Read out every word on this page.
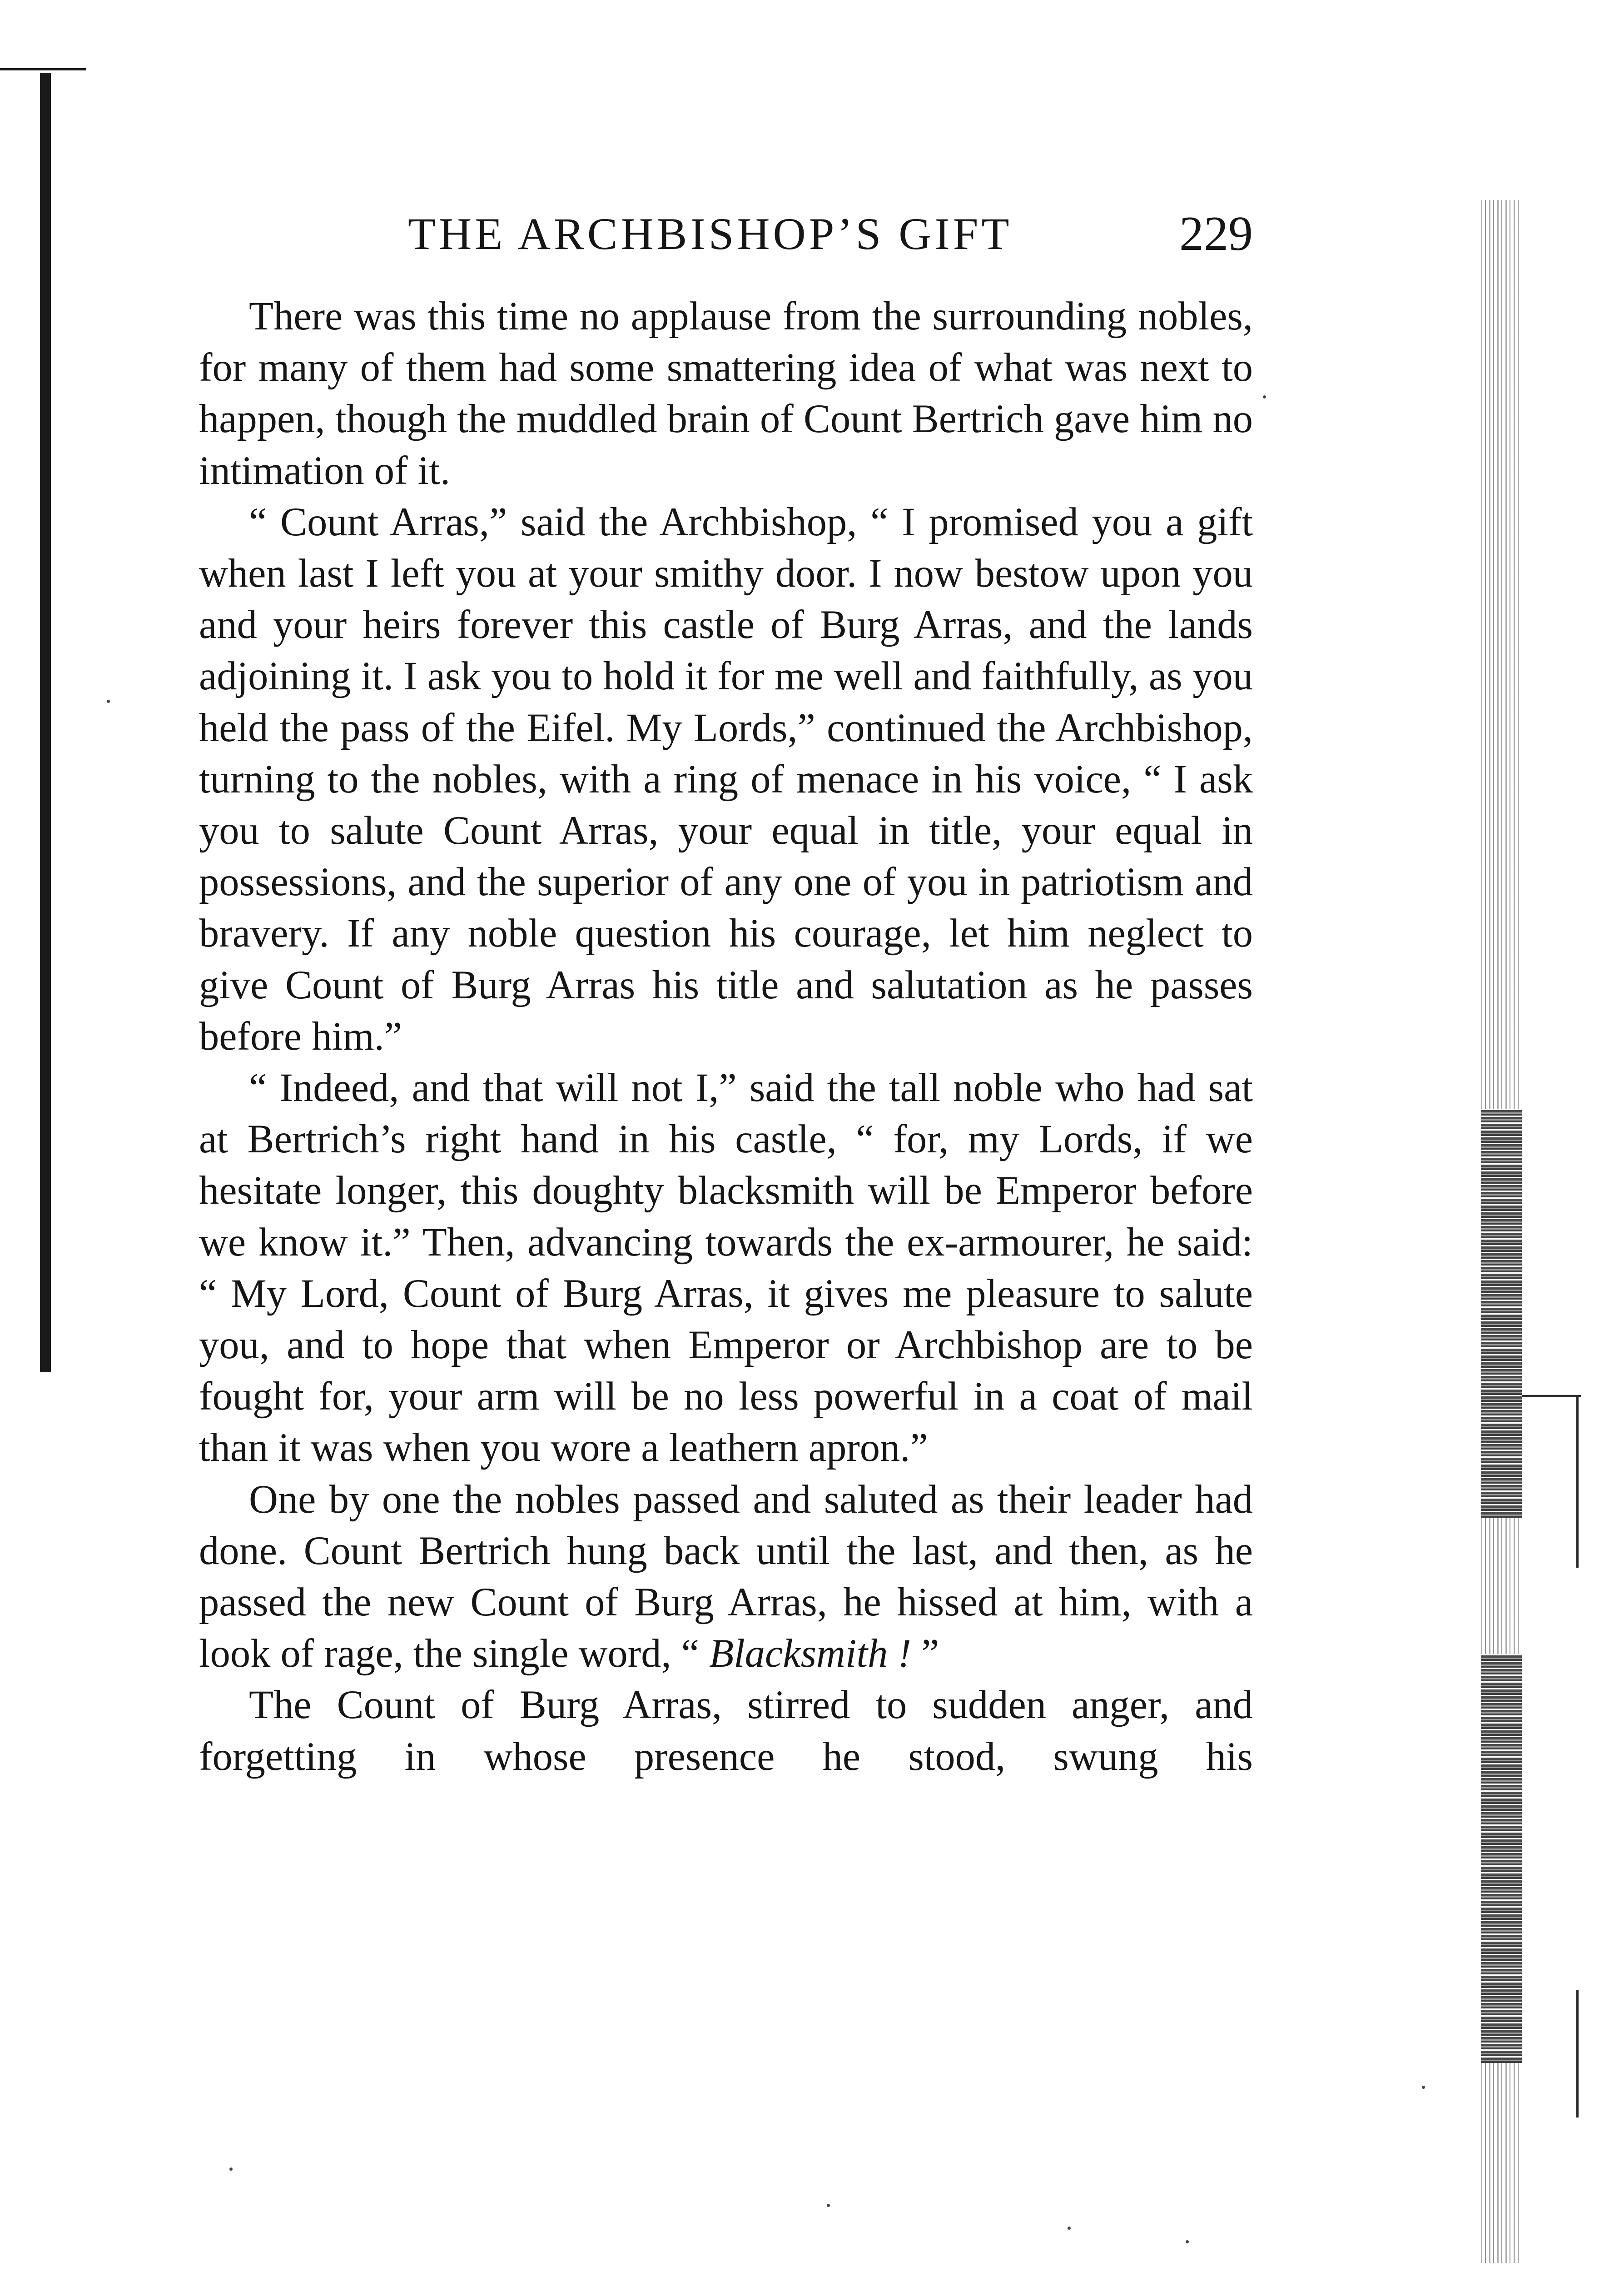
THE ARCHBISHOP’S GIFT	229

There was this time no applause from the surrounding nobles, for many of them had some smattering idea of what was next to happen, though the muddled brain of Count Bertrich gave him no intimation of it.

“ Count Arras,” said the Archbishop, “ I promised you a gift when last I left you at your smithy door. I now bestow upon you and your heirs forever this castle of Burg Arras, and the lands adjoining it. I ask you to hold it for me well and faithfully, as you held the pass of the Eifel. My Lords,” continued the Archbishop, turning to the nobles, with a ring of menace in his voice, “ I ask you to salute Count Arras, your equal in title, your equal in possessions, and the superior of any one of you in patriotism and bravery. If any noble question his courage, let him neglect to give Count of Burg Arras his title and salutation as he passes before him.”

“ Indeed, and that will not I,” said the tall noble who had sat at Bertrich’s right hand in his castle, “ for, my Lords, if we hesitate longer, this doughty blacksmith will be Emperor before we know it.” Then, advancing towards the ex-armourer, he said: “ My Lord, Count of Burg Arras, it gives me pleasure to salute you, and to hope that when Emperor or Archbishop are to be fought for, your arm will be no less powerful in a coat of mail than it was when you wore a leathern apron.”

One by one the nobles passed and saluted as their leader had done. Count Bertrich hung back until the last, and then, as he passed the new Count of Burg Arras, he hissed at him, with a look of rage, the single word, “ Blacksmith ! ”

The Count of Burg Arras, stirred to sudden anger, and forgetting in whose presence he stood, swung his
